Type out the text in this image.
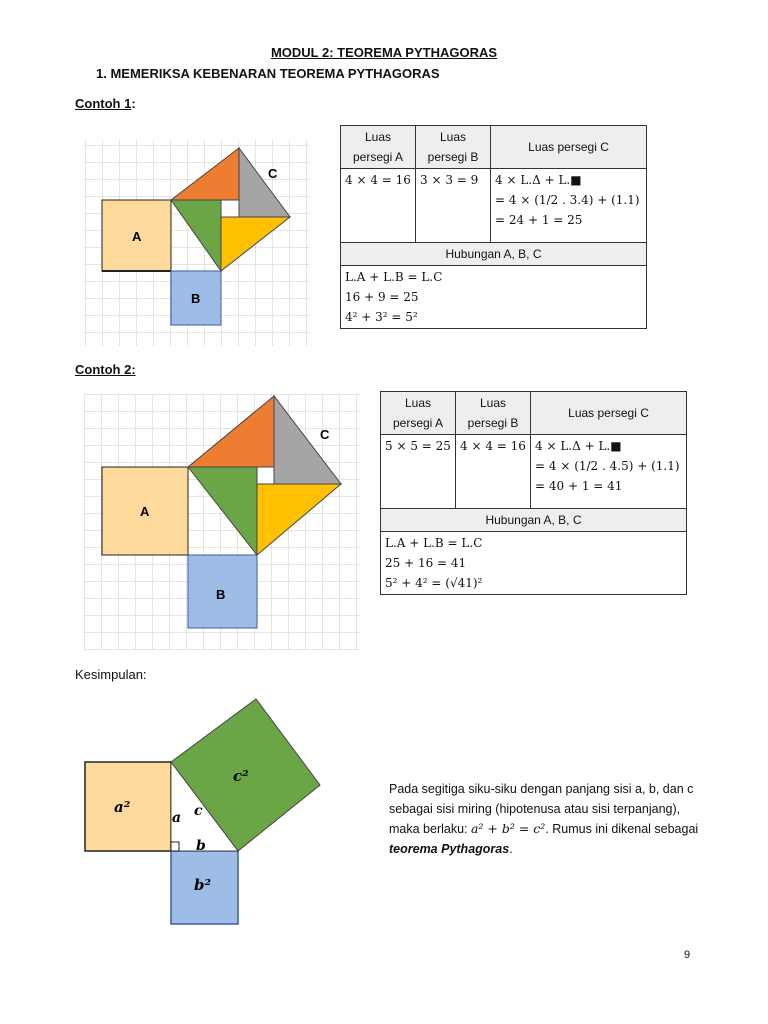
MODUL 2: TEOREMA PYTHAGORAS
1. MEMERIKSA KEBENARAN TEOREMA PYTHAGORAS
Contoh 1:
A
B
C
Luas persegi A	Luas persegi B	Luas persegi C
4 × 4 = 16	3 × 3 = 9	4 × L.Δ + L.■
= 4 × (1/2 . 3.4) + (1.1)
= 24 + 1 = 25

Hubungan A, B, C		

L.A + L.B = L.C
16 + 9 = 25
4² + 3² = 5²		
Contoh 2:
A
B
C
Luas persegi A	Luas persegi B	Luas persegi C
5 × 5 = 25	4 × 4 = 16	4 × L.Δ + L.■
= 4 × (1/2 . 4.5) + (1.1)
= 40 + 1 = 41

Hubungan A, B, C		

L.A + L.B = L.C
25 + 16 = 41
5² + 4² = (√41)²		
Kesimpulan:
a²
b²
c²
a c
b
Pada segitiga siku-siku dengan panjang sisi a, b, dan c sebagai sisi miring (hipotenusa atau sisi terpanjang), maka berlaku: a² + b² = c². Rumus ini dikenal sebagai teorema Pythagoras.
9
